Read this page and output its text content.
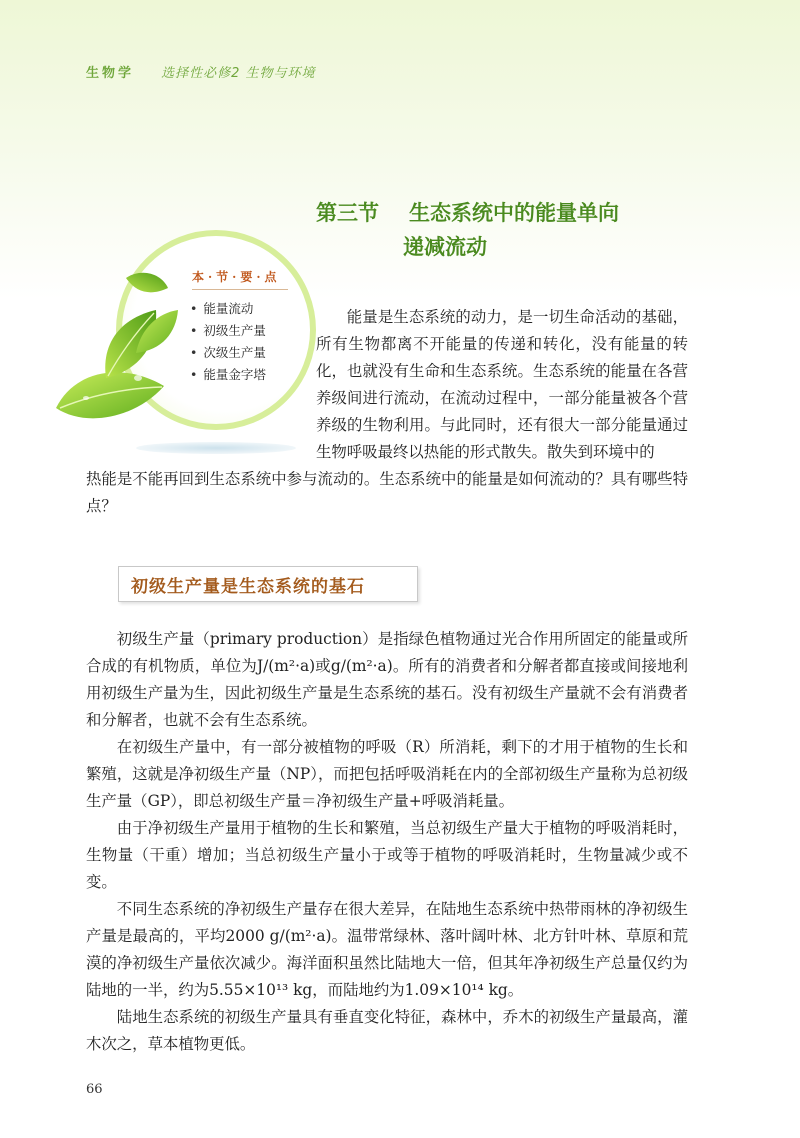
生物学 选择性必修2 生物与环境
第三节 生态系统中的能量单向
递减流动
本·节·要·点
• 能量流动
• 初级生产量
• 次级生产量
• 能量金字塔

能量是生态系统的动力，是一切生命活动的基础，所有生物都离不开能量的传递和转化，没有能量的转化，也就没有生命和生态系统。生态系统的能量在各营养级间进行流动，在流动过程中，一部分能量被各个营养级的生物利用。与此同时，还有很大一部分能量通过生物呼吸最终以热能的形式散失。散失到环境中的

热能是不能再回到生态系统中参与流动的。生态系统中的能量是如何流动的？具有哪些特点？

初级生产量是生态系统的基石

初级生产量（primary production）是指绿色植物通过光合作用所固定的能量或所合成的有机物质，单位为J/(m²·a)或g/(m²·a)。所有的消费者和分解者都直接或间接地利用初级生产量为生，因此初级生产量是生态系统的基石。没有初级生产量就不会有消费者和分解者，也就不会有生态系统。

在初级生产量中，有一部分被植物的呼吸（R）所消耗，剩下的才用于植物的生长和繁殖，这就是净初级生产量（NP），而把包括呼吸消耗在内的全部初级生产量称为总初级生产量（GP），即总初级生产量＝净初级生产量+呼吸消耗量。

由于净初级生产量用于植物的生长和繁殖，当总初级生产量大于植物的呼吸消耗时，生物量（干重）增加；当总初级生产量小于或等于植物的呼吸消耗时，生物量减少或不变。

不同生态系统的净初级生产量存在很大差异，在陆地生态系统中热带雨林的净初级生产量是最高的，平均2000 g/(m²·a)。温带常绿林、落叶阔叶林、北方针叶林、草原和荒漠的净初级生产量依次减少。海洋面积虽然比陆地大一倍，但其年净初级生产总量仅约为陆地的一半，约为5.55×10¹³ kg，而陆地约为1.09×10¹⁴ kg。

陆地生态系统的初级生产量具有垂直变化特征，森林中，乔木的初级生产量最高，灌木次之，草本植物更低。

66
